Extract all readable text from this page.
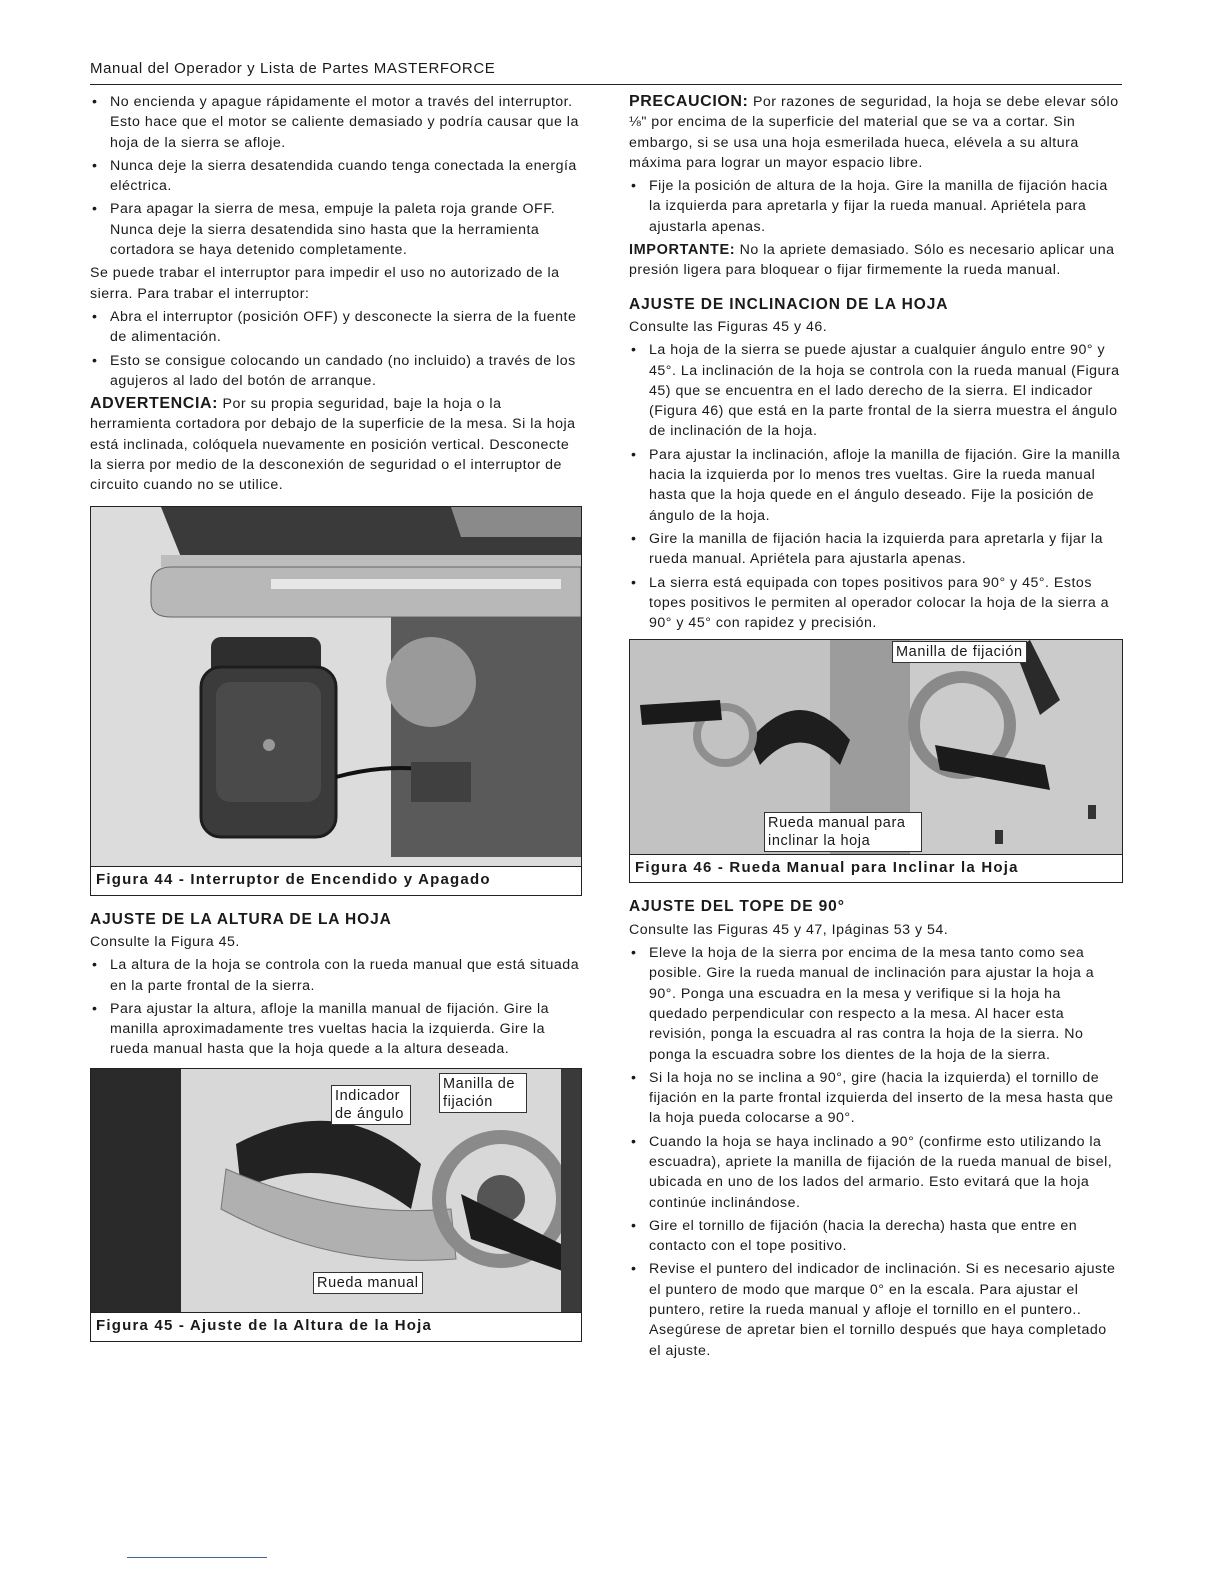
Manual del Operador y Lista de Partes MASTERFORCE
• No encienda y apague rápidamente el motor a través del interruptor. Esto hace que el motor se caliente demasiado y podría causar que la hoja de la sierra se afloje.
• Nunca deje la sierra desatendida cuando tenga conectada la energía eléctrica.
• Para apagar la sierra de mesa, empuje la paleta roja grande OFF. Nunca deje la sierra desatendida sino hasta que la herramienta cortadora se haya detenido completamente.

Se puede trabar el interruptor para impedir el uso no autorizado de la sierra. Para trabar el interruptor:

• Abra el interruptor (posición OFF) y desconecte la sierra de la fuente de alimentación.
• Esto se consigue colocando un candado (no incluido) a través de los agujeros al lado del botón de arranque.

ADVERTENCIA: Por su propia seguridad, baje la hoja o la herramienta cortadora por debajo de la superficie de la mesa. Si la hoja está inclinada, colóquela nuevamente en posición vertical. Desconecte la sierra por medio de la desconexión de seguridad o el interruptor de circuito cuando no se utilice.

Figura 44 - Interruptor de Encendido y Apagado
AJUSTE DE LA ALTURA DE LA HOJA

Consulte la Figura 45.

• La altura de la hoja se controla con la rueda manual que está situada en la parte frontal de la sierra.
• Para ajustar la altura, afloje la manilla manual de fijación. Gire la manilla aproximadamente tres vueltas hacia la izquierda. Gire la rueda manual hasta que la hoja quede a la altura deseada.
Indicador de ángulo
Manilla de fijación
Rueda manual
Figura 45 - Ajuste de la Altura de la Hoja

PRECAUCION: Por razones de seguridad, la hoja se debe elevar sólo ⅛" por encima de la superficie del material que se va a cortar. Sin embargo, si se usa una hoja esmerilada hueca, elévela a su altura máxima para lograr un mayor espacio libre.

• Fije la posición de altura de la hoja. Gire la manilla de fijación hacia la izquierda para apretarla y fijar la rueda manual. Apriétela para ajustarla apenas.

IMPORTANTE: No la apriete demasiado. Sólo es necesario aplicar una presión ligera para bloquear o fijar firmemente la rueda manual.

AJUSTE DE INCLINACION DE LA HOJA

Consulte las Figuras 45 y 46.

• La hoja de la sierra se puede ajustar a cualquier ángulo entre 90° y 45°. La inclinación de la hoja se controla con la rueda manual (Figura 45) que se encuentra en el lado derecho de la sierra. El indicador (Figura 46) que está en la parte frontal de la sierra muestra el ángulo de inclinación de la hoja.
• Para ajustar la inclinación, afloje la manilla de fijación. Gire la manilla hacia la izquierda por lo menos tres vueltas. Gire la rueda manual hasta que la hoja quede en el ángulo deseado. Fije la posición de ángulo de la hoja.
• Gire la manilla de fijación hacia la izquierda para apretarla y fijar la rueda manual. Apriétela para ajustarla apenas.
• La sierra está equipada con topes positivos para 90° y 45°. Estos topes positivos le permiten al operador colocar la hoja de la sierra a 90° y 45° con rapidez y precisión.
Manilla de fijación
Rueda manual para inclinar la hoja
Figura 46 - Rueda Manual para Inclinar la Hoja
AJUSTE DEL TOPE DE 90°

Consulte las Figuras 45 y 47, Ipáginas 53 y 54.

• Eleve la hoja de la sierra por encima de la mesa tanto como sea posible. Gire la rueda manual de inclinación para ajustar la hoja a 90°. Ponga una escuadra en la mesa y verifique si la hoja ha quedado perpendicular con respecto a la mesa. Al hacer esta revisión, ponga la escuadra al ras contra la hoja de la sierra. No ponga la escuadra sobre los dientes de la hoja de la sierra.
• Si la hoja no se inclina a 90°, gire (hacia la izquierda) el tornillo de fijación en la parte frontal izquierda del inserto de la mesa hasta que la hoja pueda colocarse a 90°.
• Cuando la hoja se haya inclinado a 90° (confirme esto utilizando la escuadra), apriete la manilla de fijación de la rueda manual de bisel, ubicada en uno de los lados del armario. Esto evitará que la hoja continúe inclinándose.
• Gire el tornillo de fijación (hacia la derecha) hasta que entre en contacto con el tope positivo.
• Revise el puntero del indicador de inclinación. Si es necesario ajuste el puntero de modo que marque 0° en la escala. Para ajustar el puntero, retire la rueda manual y afloje el tornillo en el puntero.. Asegúrese de apretar bien el tornillo después que haya completado el ajuste.
